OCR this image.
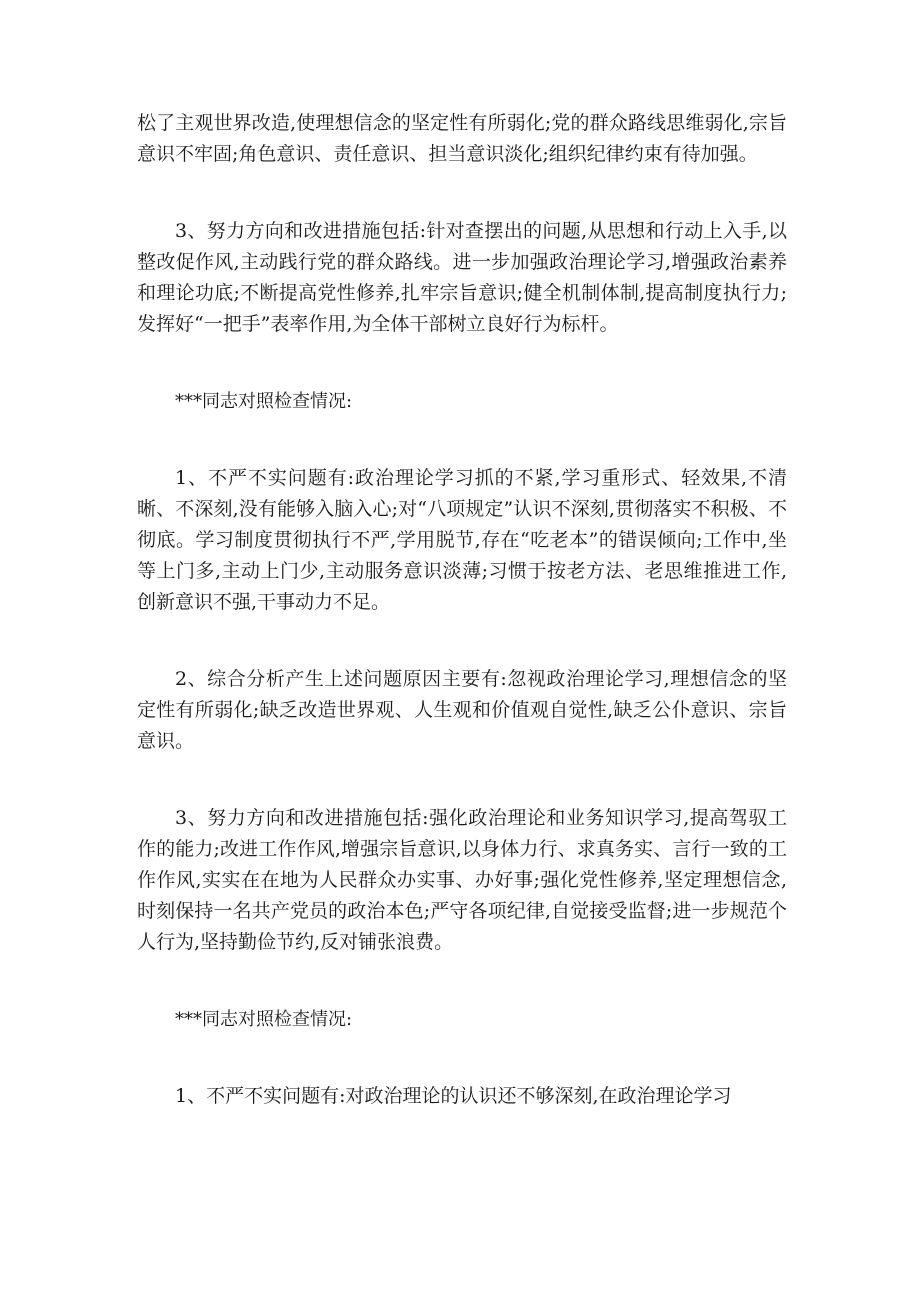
松了主观世界改造,使理想信念的坚定性有所弱化;党的群众路线思维弱化,宗旨意识不牢固;角色意识、责任意识、担当意识淡化;组织纪律约束有待加强。

3、努力方向和改进措施包括:针对查摆出的问题,从思想和行动上入手,以整改促作风,主动践行党的群众路线。进一步加强政治理论学习,增强政治素养和理论功底;不断提高党性修养,扎牢宗旨意识;健全机制体制,提高制度执行力;发挥好“一把手”表率作用,为全体干部树立良好行为标杆。

***同志对照检查情况:

1、不严不实问题有:政治理论学习抓的不紧,学习重形式、轻效果,不清晰、不深刻,没有能够入脑入心;对“八项规定”认识不深刻,贯彻落实不积极、不彻底。学习制度贯彻执行不严,学用脱节,存在“吃老本”的错误倾向;工作中,坐等上门多,主动上门少,主动服务意识淡薄;习惯于按老方法、老思维推进工作,创新意识不强,干事动力不足。

2、综合分析产生上述问题原因主要有:忽视政治理论学习,理想信念的坚定性有所弱化;缺乏改造世界观、人生观和价值观自觉性,缺乏公仆意识、宗旨意识。

3、努力方向和改进措施包括:强化政治理论和业务知识学习,提高驾驭工作的能力;改进工作作风,增强宗旨意识,以身体力行、求真务实、言行一致的工作作风,实实在在地为人民群众办实事、办好事;强化党性修养,坚定理想信念,时刻保持一名共产党员的政治本色;严守各项纪律,自觉接受监督;进一步规范个人行为,坚持勤俭节约,反对铺张浪费。

***同志对照检查情况:

1、不严不实问题有:对政治理论的认识还不够深刻,在政治理论学习
